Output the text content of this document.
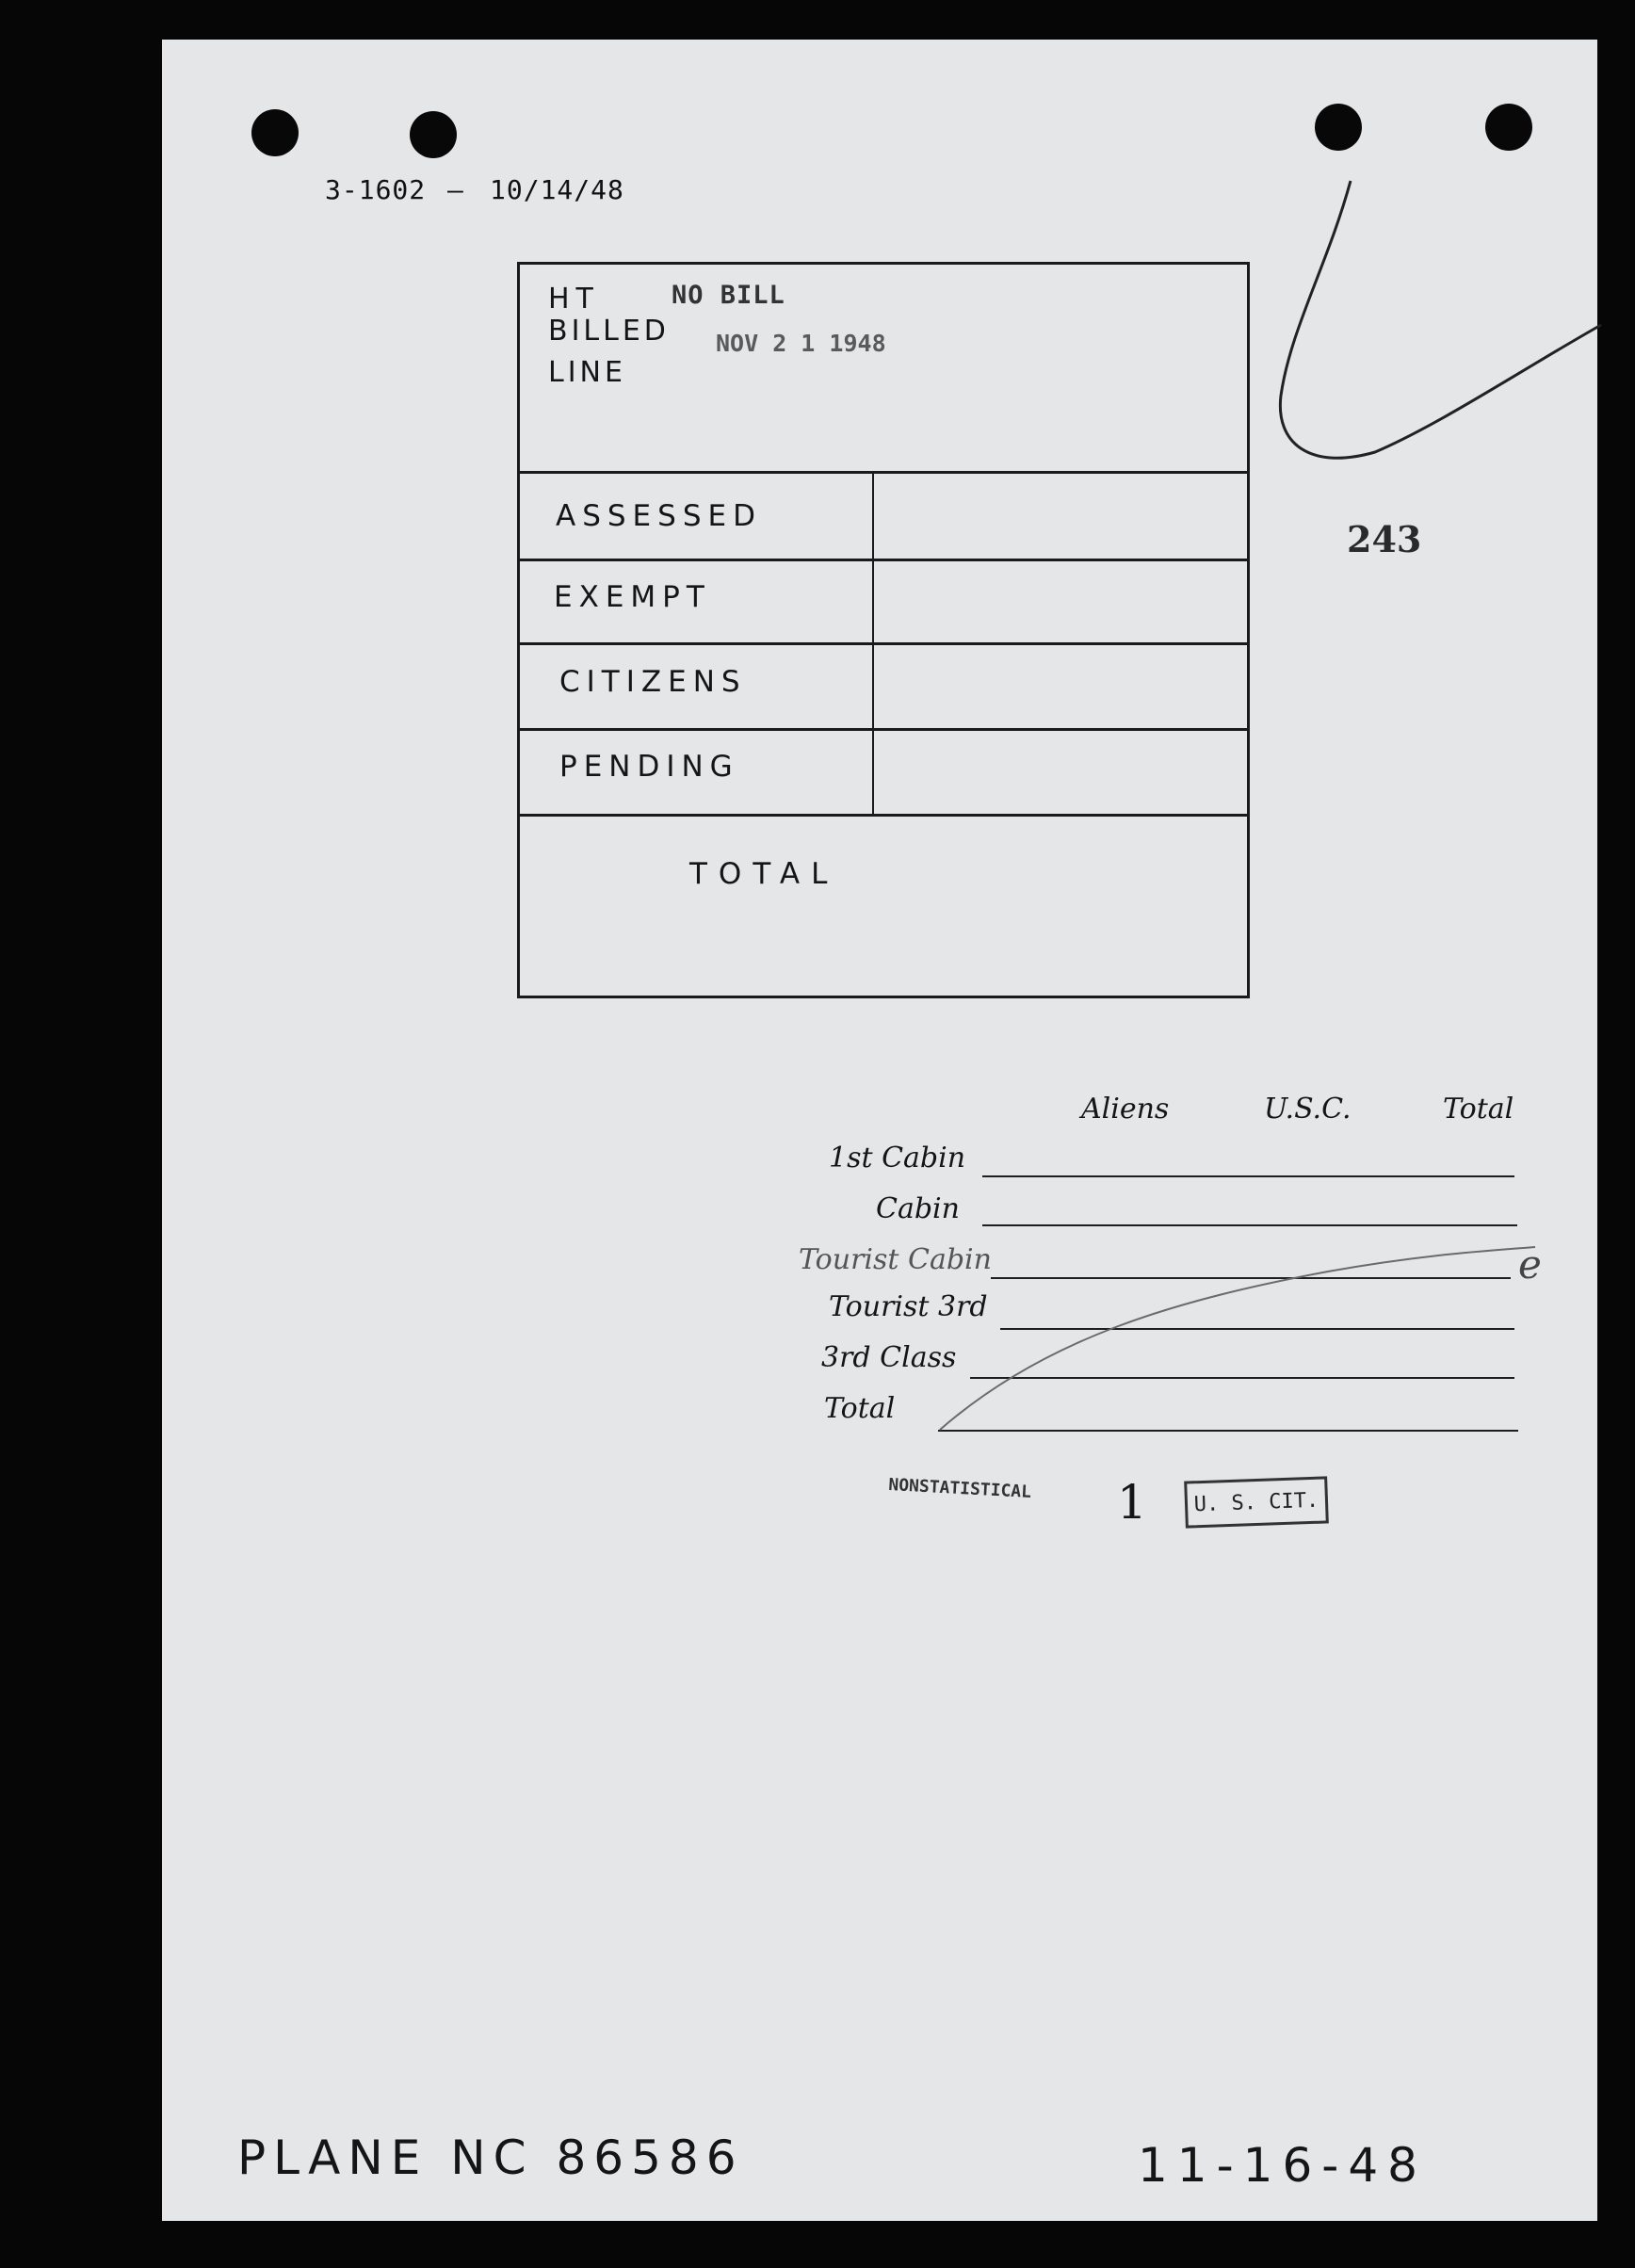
3-1602 — 10/14/48
HT
BILLED
LINE
NO BILL
NOV 2 1 1948
ASSESSED
EXEMPT
CITIZENS
PENDING
TOTAL
243
Aliens	U.S.C.	Total
1st Cabin
Cabin
Tourist Cabin
Tourist 3rd
3rd Class
Total
e
NONSTATISTICAL 1 U. S. CIT.
PLANE NC 86586	11-16-48
